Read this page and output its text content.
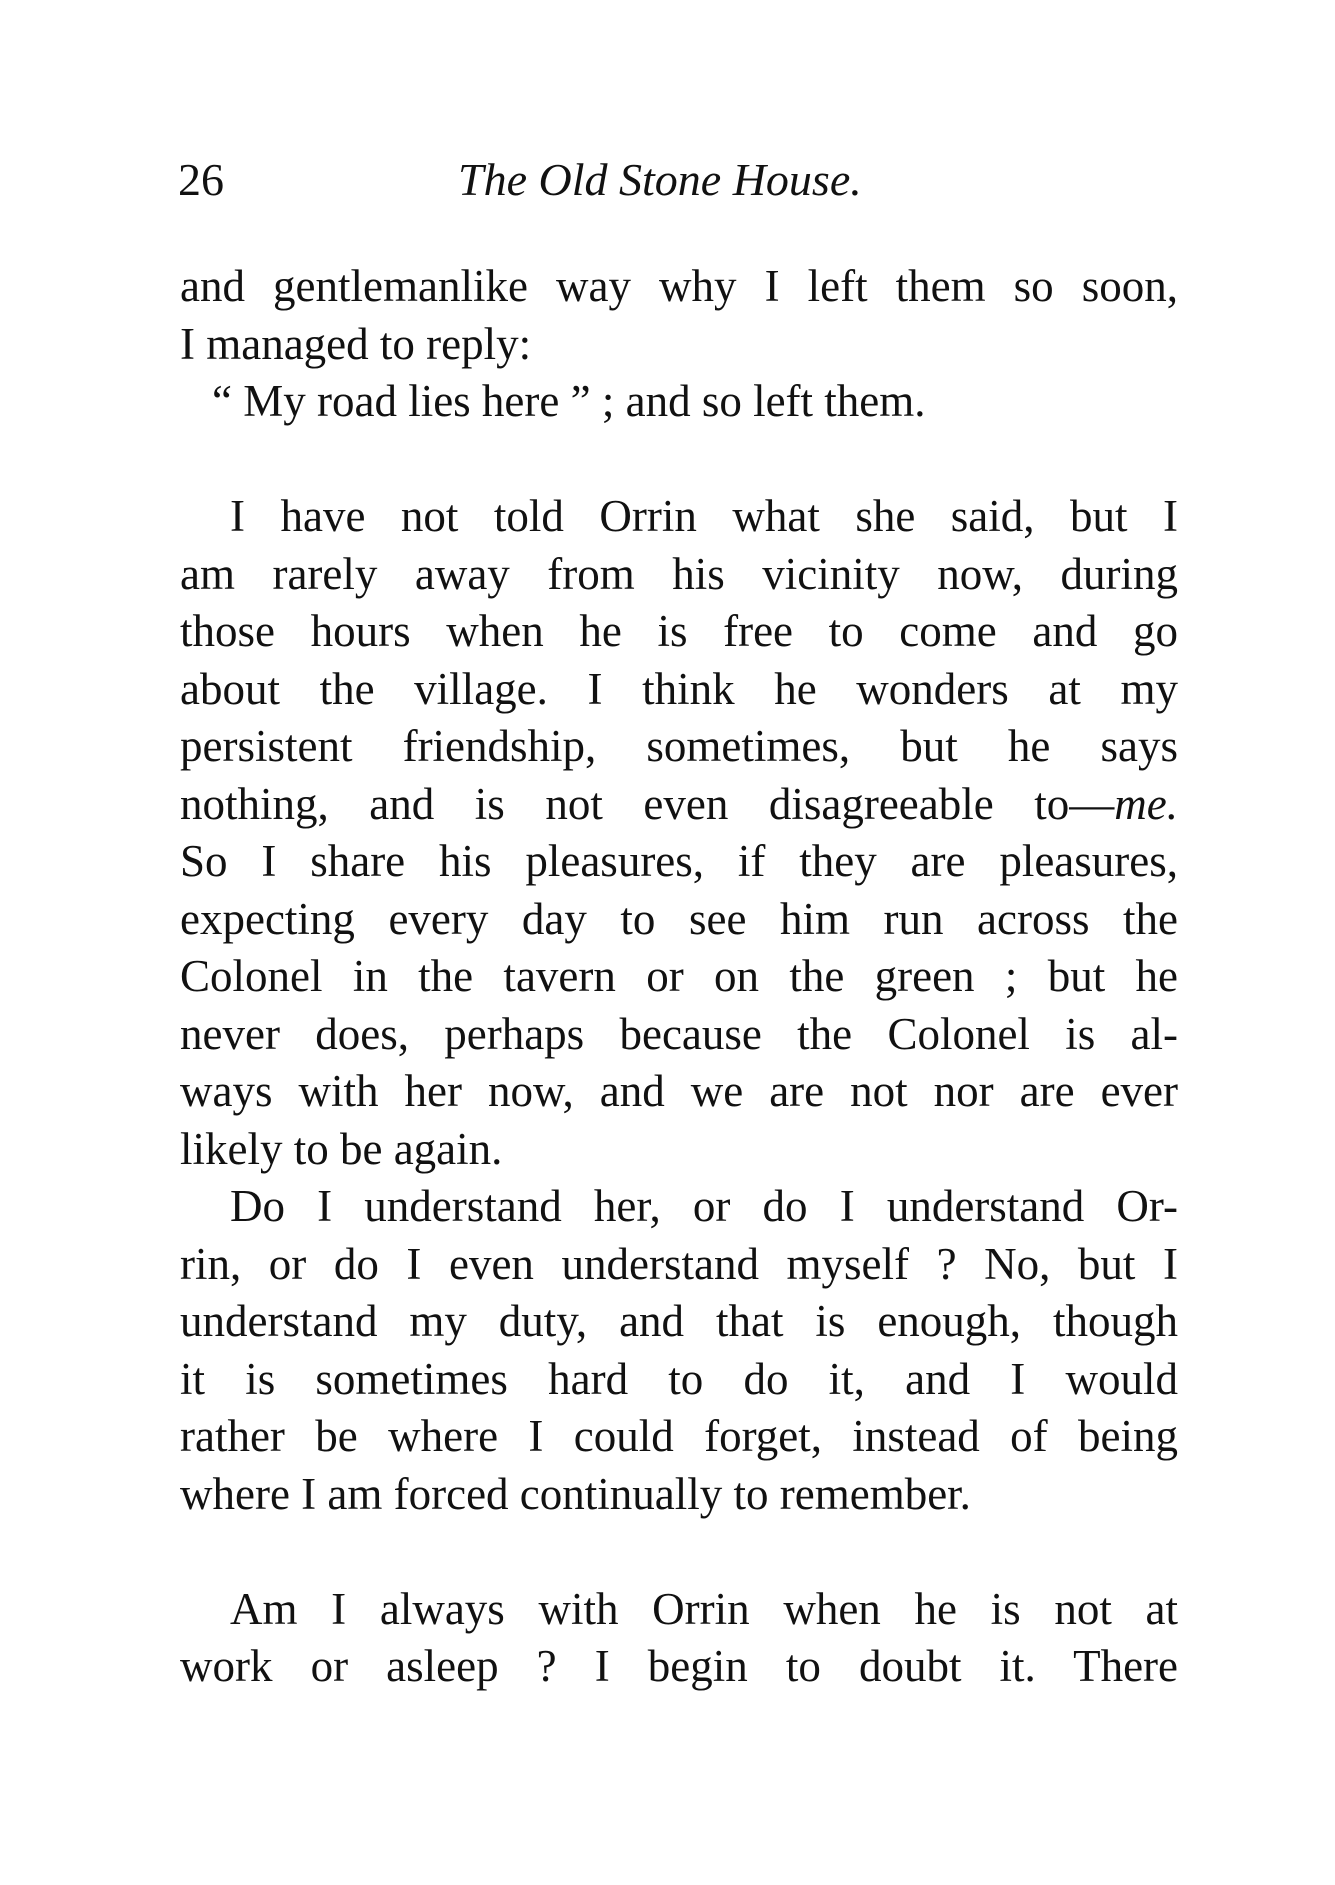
26	The Old Stone House.
and gentlemanlike way why I left them so soon,
I managed to reply:
“ My road lies here ” ; and so left them.
I have not told Orrin what she said, but I
am rarely away from his vicinity now, during
those hours when he is free to come and go
about the village. I think he wonders at my
persistent friendship, sometimes, but he says
nothing, and is not even disagreeable to—me.
So I share his pleasures, if they are pleasures,
expecting every day to see him run across the
Colonel in the tavern or on the green ; but he
never does, perhaps because the Colonel is al-
ways with her now, and we are not nor are ever
likely to be again.
Do I understand her, or do I understand Or-
rin, or do I even understand myself ? No, but I
understand my duty, and that is enough, though
it is sometimes hard to do it, and I would
rather be where I could forget, instead of being
where I am forced continually to remember.
Am I always with Orrin when he is not at
work or asleep ? I begin to doubt it. There
